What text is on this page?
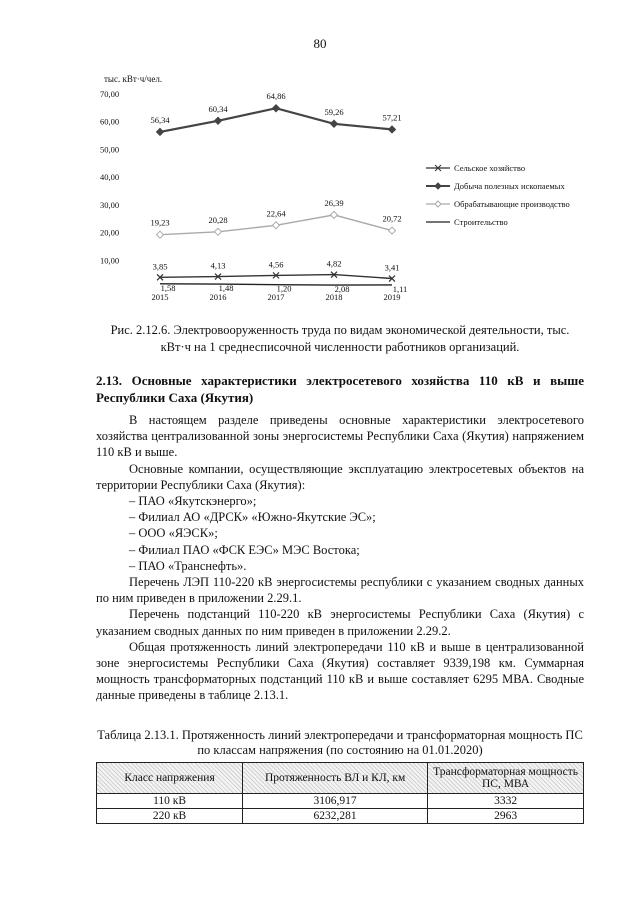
80
тыс. кВт·ч/чел.
10,00
20,00
30,00
40,00
50,00
60,00
70,00
2015	2016	2017	2018	2019
3,85	4,13	4,56	4,82	3,41
56,34
60,34
64,86
59,26
57,21
19,23	20,28
22,64
26,39
20,72
1,58	1,48	1,20	2,08	1,11
Сельское хозяйство
Добыча полезных ископаемых
Обрабатывающие производство
Строительство
Рис. 2.12.6. Электровооруженность труда по видам экономической деятельности, тыс. кВт·ч на 1 среднесписочной численности работников организаций.
2.13. Основные характеристики электросетевого хозяйства 110 кВ и выше Республики Саха (Якутия)

В настоящем разделе приведены основные характеристики электросетевого хозяйства централизованной зоны энергосистемы Республики Саха (Якутия) напряжением 110 кВ и выше.

Основные компании, осуществляющие эксплуатацию электросетевых объектов на территории Республики Саха (Якутия):

– ПАО «Якутскэнерго»;

– Филиал АО «ДРСК» «Южно-Якутские ЭС»;

– ООО «ЯЭСК»;

– Филиал ПАО «ФСК ЕЭС» МЭС Востока;

– ПАО «Транснефть».

Перечень ЛЭП 110-220 кВ энергосистемы республики с указанием сводных данных по ним приведен в приложении 2.29.1.

Перечень подстанций 110-220 кВ энергосистемы Республики Саха (Якутия) с указанием сводных данных по ним приведен в приложении 2.29.2.

Общая протяженность линий электропередачи 110 кВ и выше в централизованной зоне энергосистемы Республики Саха (Якутия) составляет 9339,198 км. Суммарная мощность трансформаторных подстанций 110 кВ и выше составляет 6295 МВА. Сводные данные приведены в таблице 2.13.1.

Таблица 2.13.1. Протяженность линий электропередачи и трансформаторная мощность ПС по классам напряжения (по состоянию на 01.01.2020)
Класс напряжения	Протяженность ВЛ и КЛ, км	Трансформаторная мощность ПС, МВА
110 кВ	3106,917	3332
220 кВ	6232,281	2963
